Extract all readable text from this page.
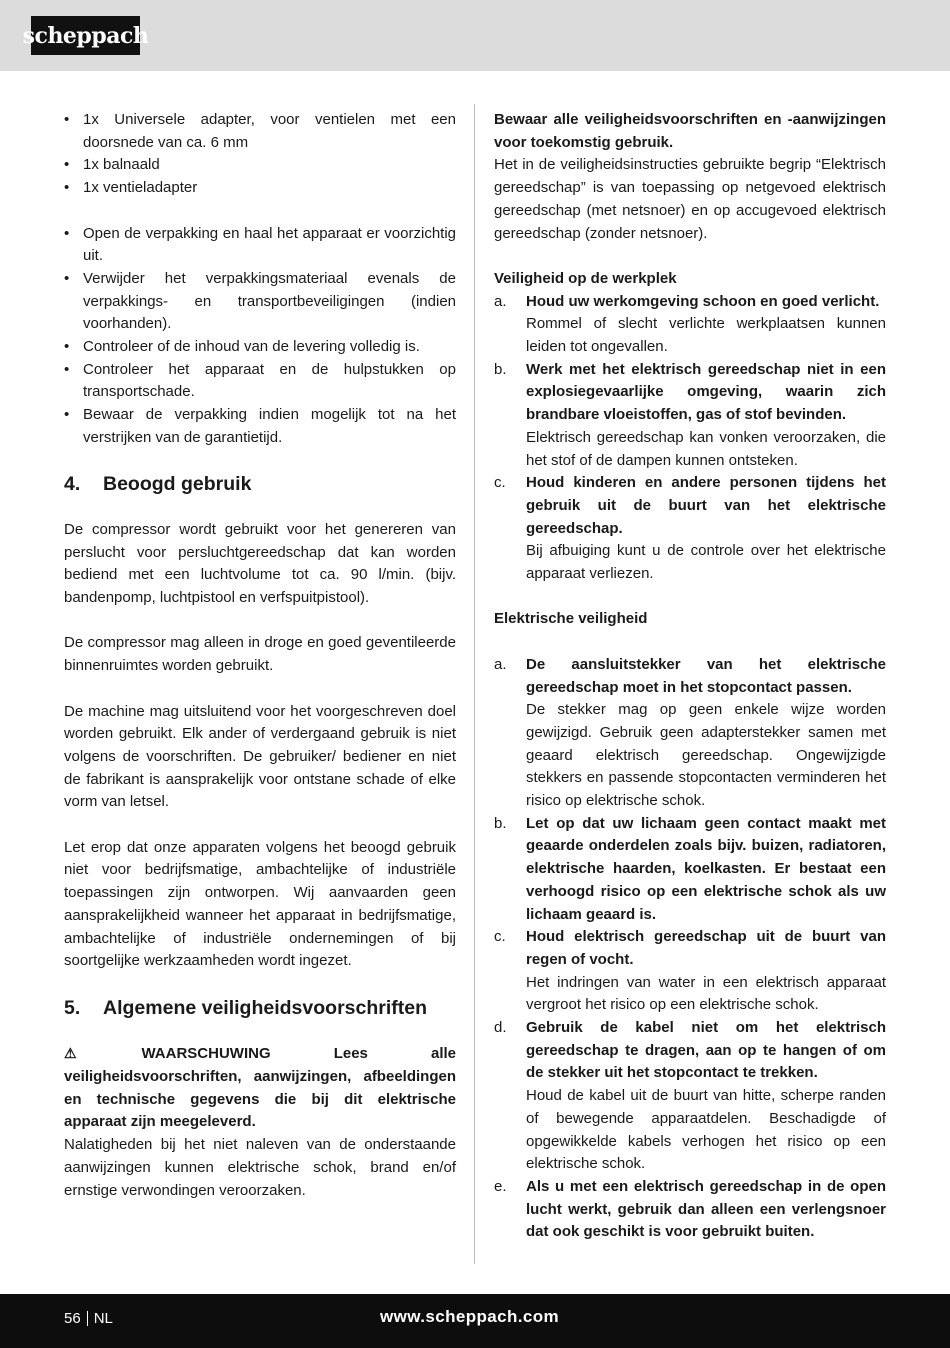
scheppach
• 1x Universele adapter, voor ventielen met een doorsnede van ca. 6 mm
• 1x balnaald
• 1x ventieladapter
• Open de verpakking en haal het apparaat er voorzichtig uit.
• Verwijder het verpakkingsmateriaal evenals de verpakkings- en transportbeveiligingen (indien voorhanden).
• Controleer of de inhoud van de levering volledig is.
• Controleer het apparaat en de hulpstukken op transportschade.
• Bewaar de verpakking indien mogelijk tot na het verstrijken van de garantietijd.
4.	Beoogd gebruik

De compressor wordt gebruikt voor het genereren van perslucht voor persluchtgereedschap dat kan worden bediend met een luchtvolume tot ca. 90 l/min. (bijv. bandenpomp, luchtpistool en verfspuitpistool).

De compressor mag alleen in droge en goed geventileerde binnenruimtes worden gebruikt.

De machine mag uitsluitend voor het voorgeschreven doel worden gebruikt. Elk ander of verdergaand gebruik is niet volgens de voorschriften. De gebruiker/ bediener en niet de fabrikant is aansprakelijk voor ontstane schade of elke vorm van letsel.

Let erop dat onze apparaten volgens het beoogd gebruik niet voor bedrijfsmatige, ambachtelijke of industriële toepassingen zijn ontworpen. Wij aanvaarden geen aansprakelijkheid wanneer het apparaat in bedrijfsmatige, ambachtelijke of industriële ondernemingen of bij soortgelijke werkzaamheden wordt ingezet.

5.	Algemene veiligheidsvoorschriften

⚠ WAARSCHUWING Lees alle veiligheidsvoorschriften, aanwijzingen, afbeeldingen en technische gegevens die bij dit elektrische apparaat zijn meegeleverd.

Nalatigheden bij het niet naleven van de onderstaande aanwijzingen kunnen elektrische schok, brand en/of ernstige verwondingen veroorzaken.

Bewaar alle veiligheidsvoorschriften en -aanwijzingen voor toekomstig gebruik.

Het in de veiligheidsinstructies gebruikte begrip “Elektrisch gereedschap” is van toepassing op netgevoed elektrisch gereedschap (met netsnoer) en op accugevoed elektrisch gereedschap (zonder netsnoer).

Veiligheid op de werkplek

a. Houd uw werkomgeving schoon en goed verlicht.
Rommel of slecht verlichte werkplaatsen kunnen leiden tot ongevallen.
b. Werk met het elektrisch gereedschap niet in een explosiegevaarlijke omgeving, waarin zich brandbare vloeistoffen, gas of stof bevinden.
Elektrisch gereedschap kan vonken veroorzaken, die het stof of de dampen kunnen ontsteken.
c. Houd kinderen en andere personen tijdens het gebruik uit de buurt van het elektrische gereedschap.
Bij afbuiging kunt u de controle over het elektrische apparaat verliezen.

Elektrische veiligheid

a. De aansluitstekker van het elektrische gereedschap moet in het stopcontact passen.
De stekker mag op geen enkele wijze worden gewijzigd. Gebruik geen adapterstekker samen met geaard elektrisch gereedschap. Ongewijzigde stekkers en passende stopcontacten verminderen het risico op elektrische schok.
b. Let op dat uw lichaam geen contact maakt met geaarde onderdelen zoals bijv. buizen, radiatoren, elektrische haarden, koelkasten. Er bestaat een verhoogd risico op een elektrische schok als uw lichaam geaard is.
c. Houd elektrisch gereedschap uit de buurt van regen of vocht.
Het indringen van water in een elektrisch apparaat vergroot het risico op een elektrische schok.
d. Gebruik de kabel niet om het elektrisch gereedschap te dragen, aan op te hangen of om de stekker uit het stopcontact te trekken.
Houd de kabel uit de buurt van hitte, scherpe randen of bewegende apparaatdelen. Beschadigde of opgewikkelde kabels verhogen het risico op een elektrische schok.
e. Als u met een elektrisch gereedschap in de open lucht werkt, gebruik dan alleen een verlengsnoer dat ook geschikt is voor gebruikt buiten.
56 NL	www.scheppach.com
